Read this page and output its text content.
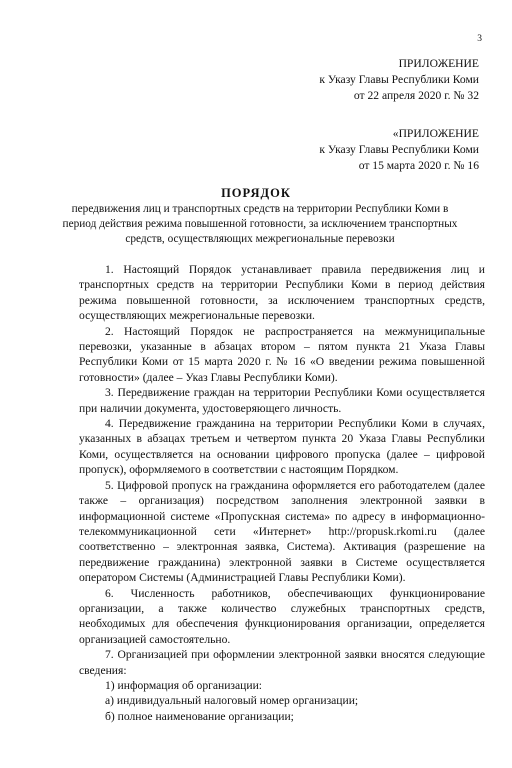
3
ПРИЛОЖЕНИЕ
к Указу Главы Республики Коми
от 22 апреля 2020 г. № 32
«ПРИЛОЖЕНИЕ
к Указу Главы Республики Коми
от 15 марта 2020 г. № 16
ПОРЯДОК
передвижения лиц и транспортных средств на территории Республики Коми в период действия режима повышенной готовности, за исключением транспортных средств, осуществляющих межрегиональные перевозки

1. Настоящий Порядок устанавливает правила передвижения лиц и транспортных средств на территории Республики Коми в период действия режима повышенной готовности, за исключением транспортных средств, осуществляющих межрегиональные перевозки.

2. Настоящий Порядок не распространяется на межмуниципальные перевозки, указанные в абзацах втором – пятом пункта 21 Указа Главы Республики Коми от 15 марта 2020 г. № 16 «О введении режима повышенной готовности» (далее – Указ Главы Республики Коми).

3. Передвижение граждан на территории Республики Коми осуществляется при наличии документа, удостоверяющего личность.

4. Передвижение гражданина на территории Республики Коми в случаях, указанных в абзацах третьем и четвертом пункта 20 Указа Главы Республики Коми, осуществляется на основании цифрового пропуска (далее – цифровой пропуск), оформляемого в соответствии с настоящим Порядком.

5. Цифровой пропуск на гражданина оформляется его работодателем (далее также – организация) посредством заполнения электронной заявки в информационной системе «Пропускная система» по адресу в информационно-телекоммуникационной сети «Интернет» http://propusk.rkomi.ru (далее соответственно – электронная заявка, Система). Активация (разрешение на передвижение гражданина) электронной заявки в Системе осуществляется оператором Системы (Администрацией Главы Республики Коми).

6. Численность работников, обеспечивающих функционирование организации, а также количество служебных транспортных средств, необходимых для обеспечения функционирования организации, определяется организацией самостоятельно.

7. Организацией при оформлении электронной заявки вносятся следующие сведения:

1) информация об организации:

а) индивидуальный налоговый номер организации;

б) полное наименование организации;
